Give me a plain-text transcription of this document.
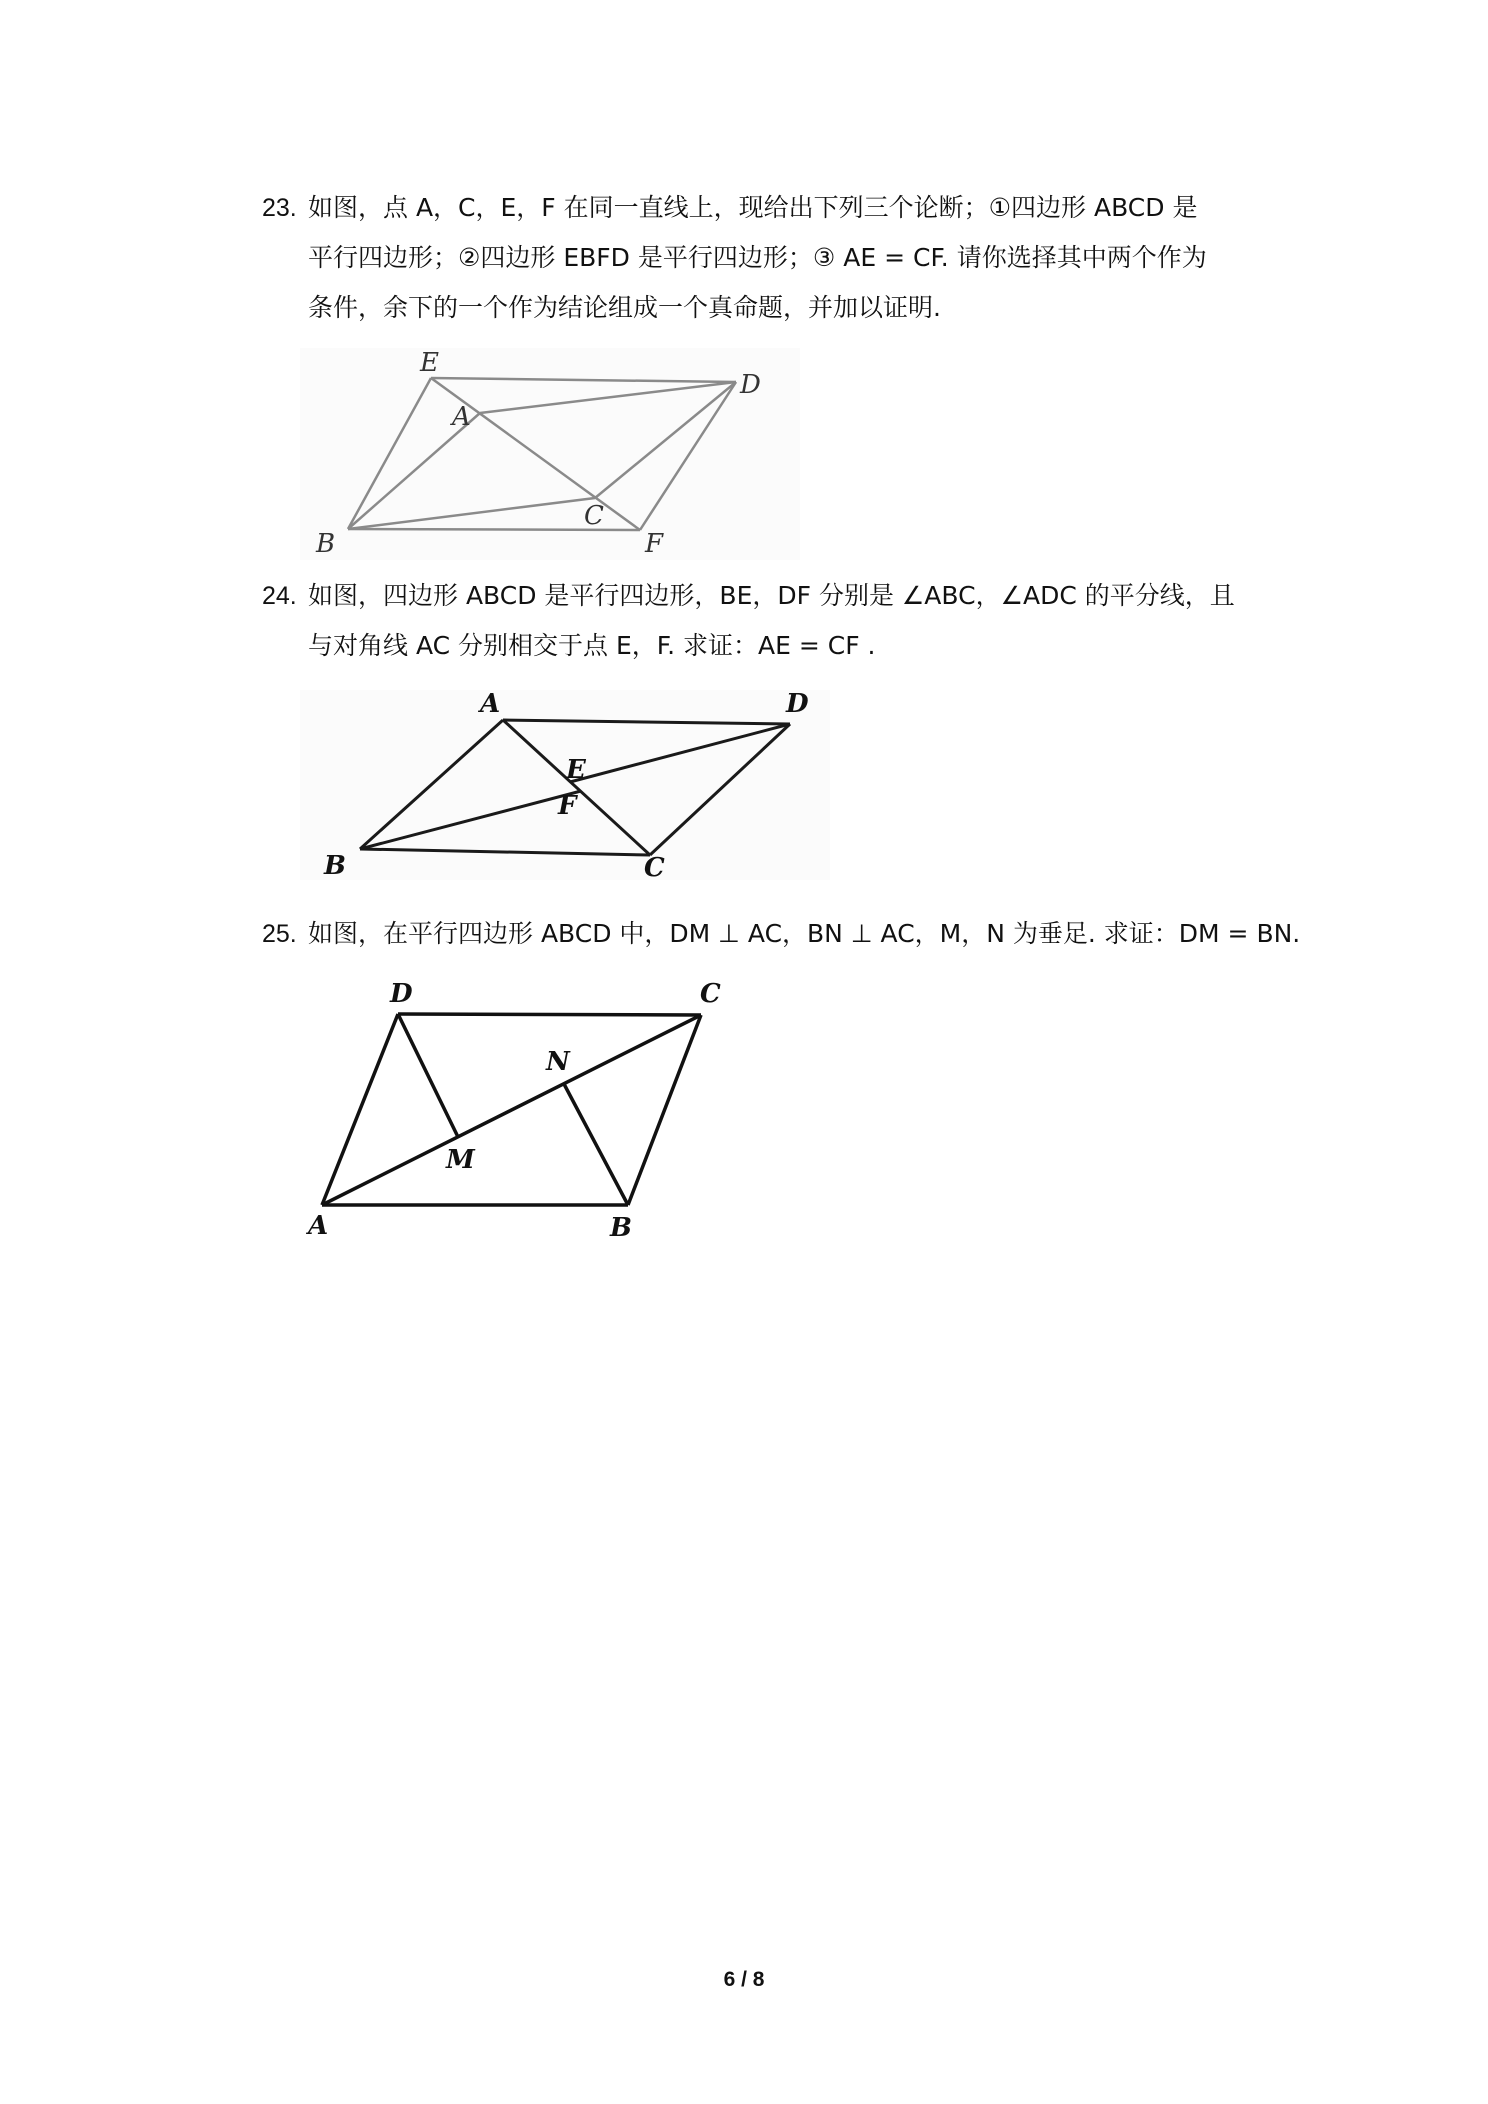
23. 如图，点 A，C，E，F 在同一直线上，现给出下列三个论断；①四边形 ABCD 是
平行四边形；②四边形 EBFD 是平行四边形；③ AE = CF. 请你选择其中两个作为
条件，余下的一个作为结论组成一个真命题，并加以证明.
E
D
A
C
B	F
24. 如图，四边形 ABCD 是平行四边形，BE，DF 分别是 ∠ABC，∠ADC 的平分线，且
与对角线 AC 分别相交于点 E，F. 求证：AE = CF .
A	D
E
F
B	C
25. 如图，在平行四边形 ABCD 中，DM ⊥ AC，BN ⊥ AC，M，N 为垂足. 求证：DM = BN.
D	C
N
M
A	B
6 / 8
